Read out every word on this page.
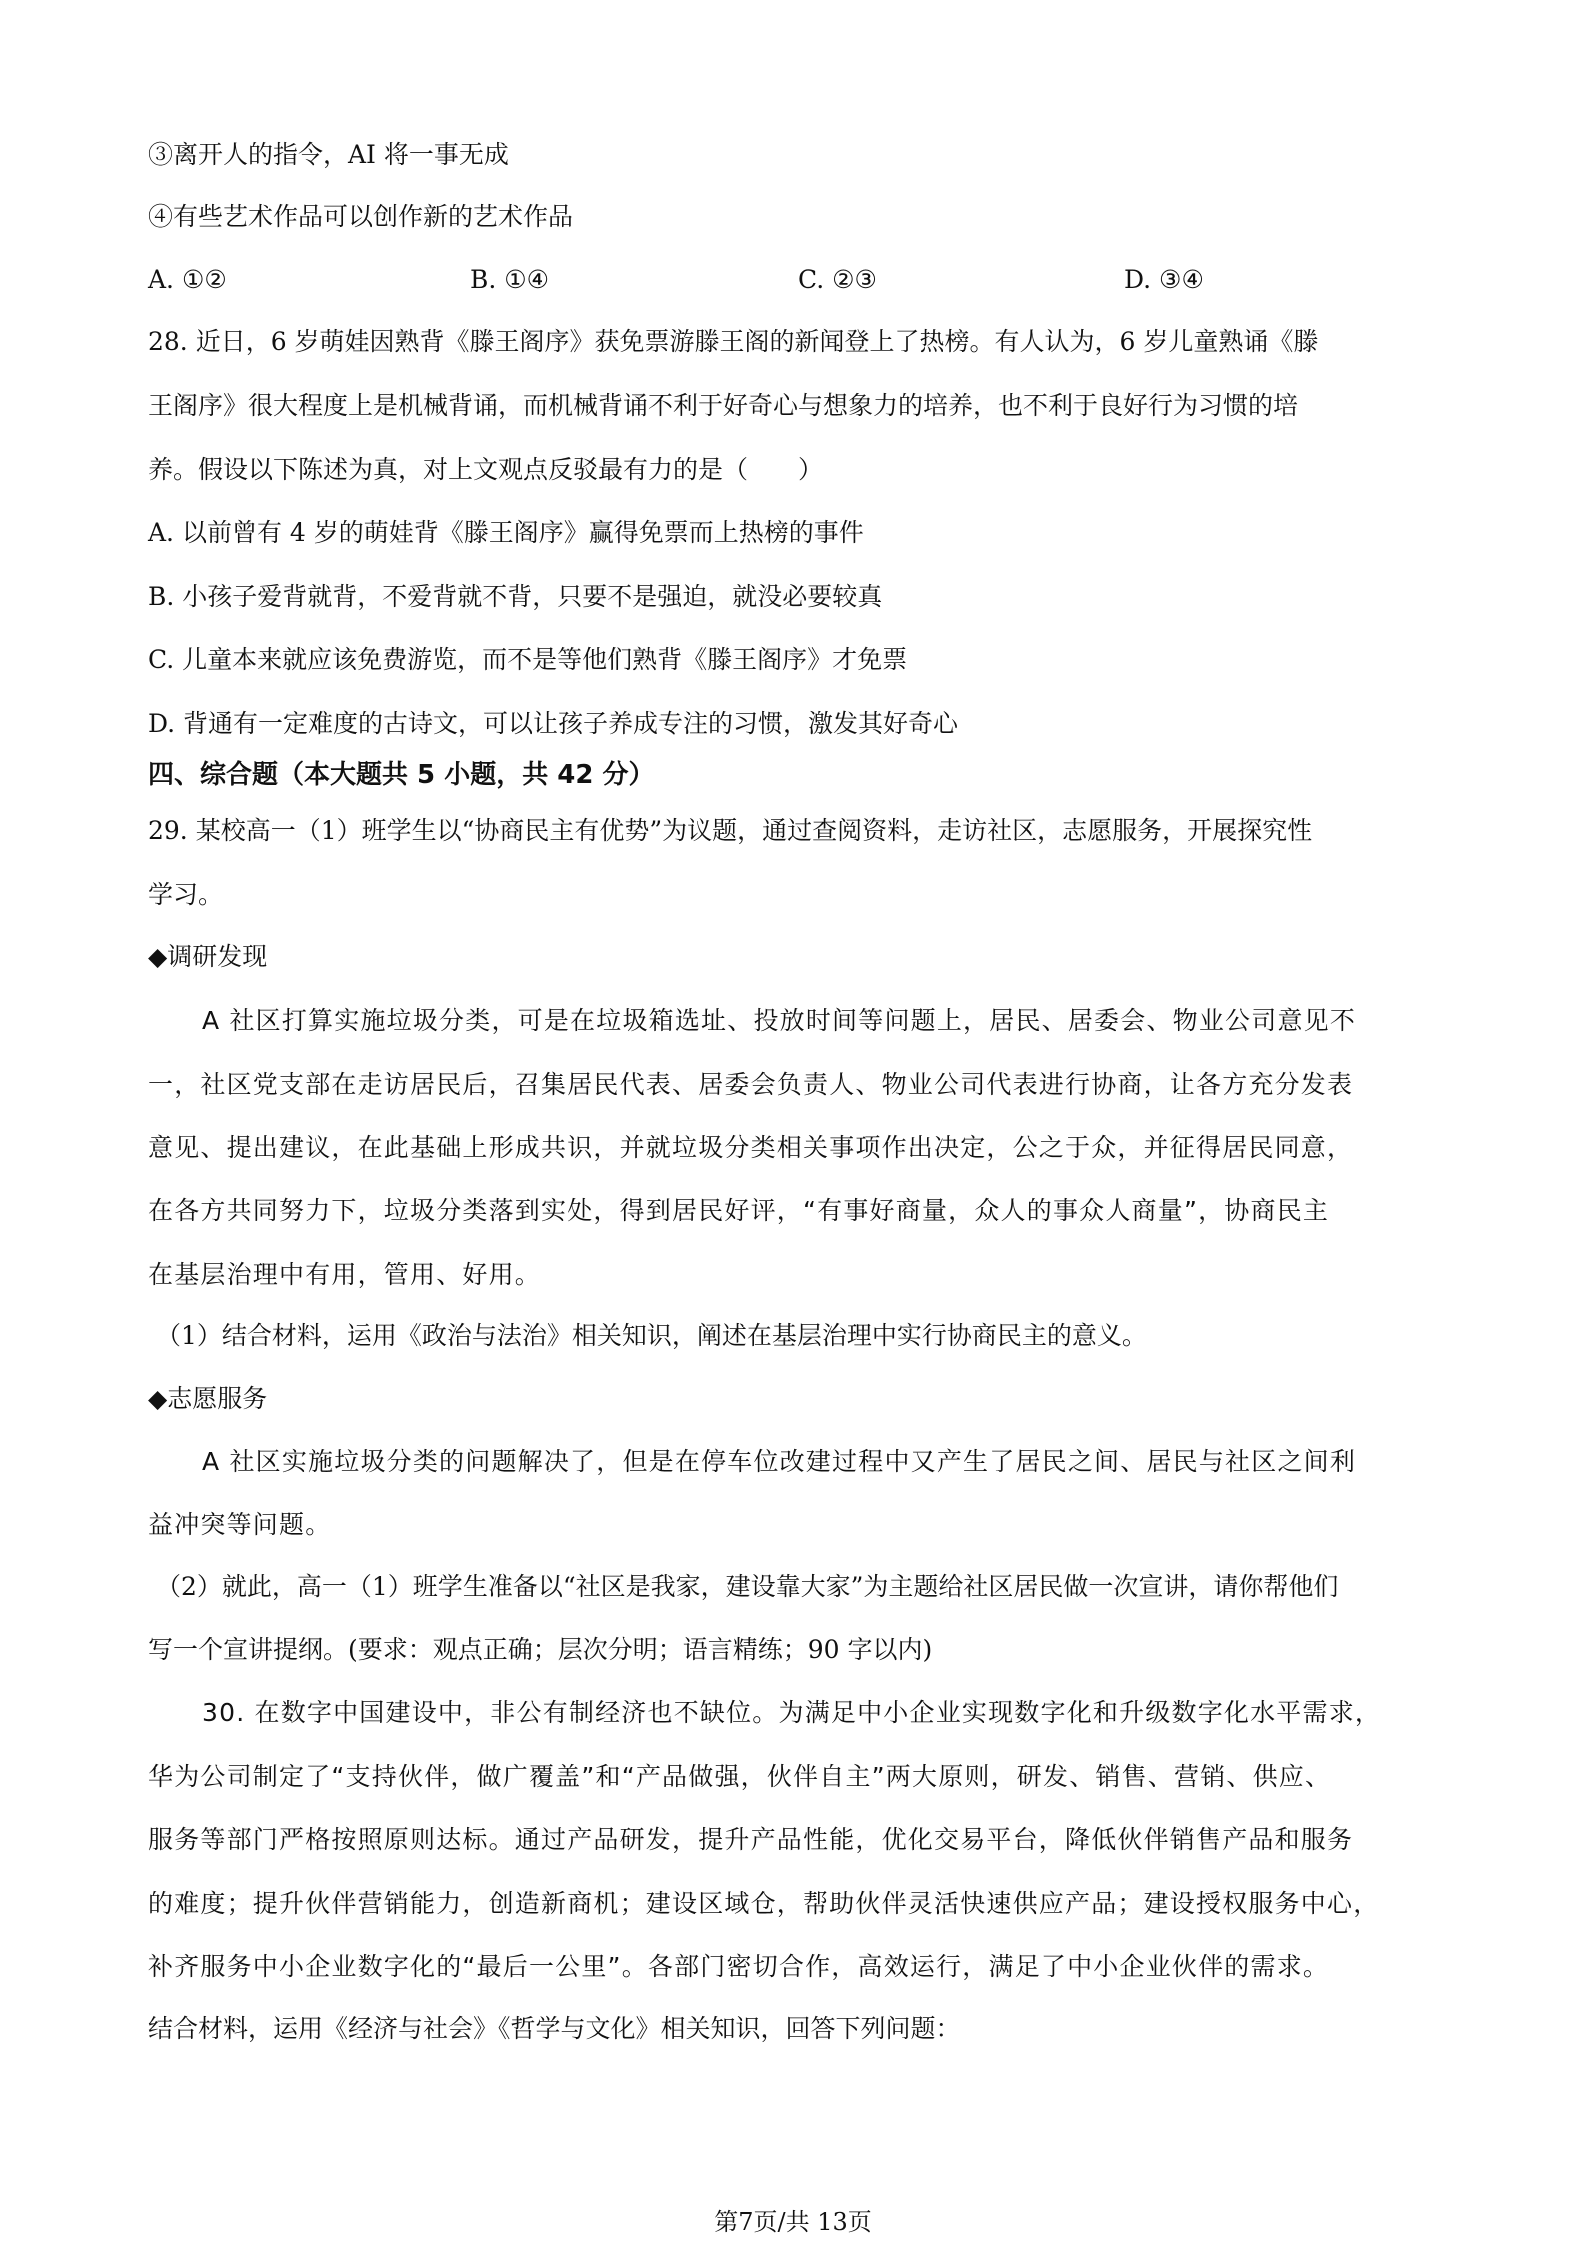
③离开人的指令，AI 将一事无成
④有些艺术作品可以创作新的艺术作品
A. ①②	B. ①④	C. ②③	D. ③④
28. 近日，6 岁萌娃因熟背《滕王阁序》获免票游滕王阁的新闻登上了热榜。有人认为，6 岁儿童熟诵《滕
王阁序》很大程度上是机械背诵，而机械背诵不利于好奇心与想象力的培养，也不利于良好行为习惯的培
养。假设以下陈述为真，对上文观点反驳最有力的是（　　）
A. 以前曾有 4 岁的萌娃背《滕王阁序》赢得免票而上热榜的事件
B. 小孩子爱背就背，不爱背就不背，只要不是强迫，就没必要较真
C. 儿童本来就应该免费游览，而不是等他们熟背《滕王阁序》才免票
D. 背通有一定难度的古诗文，可以让孩子养成专注的习惯，激发其好奇心
四、综合题（本大题共 5 小题，共 42 分）
29. 某校高一（1）班学生以“协商民主有优势”为议题，通过查阅资料，走访社区，志愿服务，开展探究性
学习。
◆调研发现
A 社区打算实施垃圾分类，可是在垃圾箱选址、投放时间等问题上，居民、居委会、物业公司意见不
一，社区党支部在走访居民后，召集居民代表、居委会负责人、物业公司代表进行协商，让各方充分发表
意见、提出建议，在此基础上形成共识，并就垃圾分类相关事项作出决定，公之于众，并征得居民同意，
在各方共同努力下，垃圾分类落到实处，得到居民好评，“有事好商量，众人的事众人商量”，协商民主
在基层治理中有用，管用、好用。
（1）结合材料，运用《政治与法治》相关知识，阐述在基层治理中实行协商民主的意义。
◆志愿服务
A 社区实施垃圾分类的问题解决了，但是在停车位改建过程中又产生了居民之间、居民与社区之间利
益冲突等问题。
（2）就此，高一（1）班学生准备以“社区是我家，建设靠大家”为主题给社区居民做一次宣讲，请你帮他们
写一个宣讲提纲。(要求：观点正确；层次分明；语言精练；90 字以内)
30. 在数字中国建设中，非公有制经济也不缺位。为满足中小企业实现数字化和升级数字化水平需求，
华为公司制定了“支持伙伴，做广覆盖”和“产品做强，伙伴自主”两大原则，研发、销售、营销、供应、
服务等部门严格按照原则达标。通过产品研发，提升产品性能，优化交易平台，降低伙伴销售产品和服务
的难度；提升伙伴营销能力，创造新商机；建设区域仓，帮助伙伴灵活快速供应产品；建设授权服务中心，
补齐服务中小企业数字化的“最后一公里”。各部门密切合作，高效运行，满足了中小企业伙伴的需求。
结合材料，运用《经济与社会》《哲学与文化》相关知识，回答下列问题：
第7页/共 13页
